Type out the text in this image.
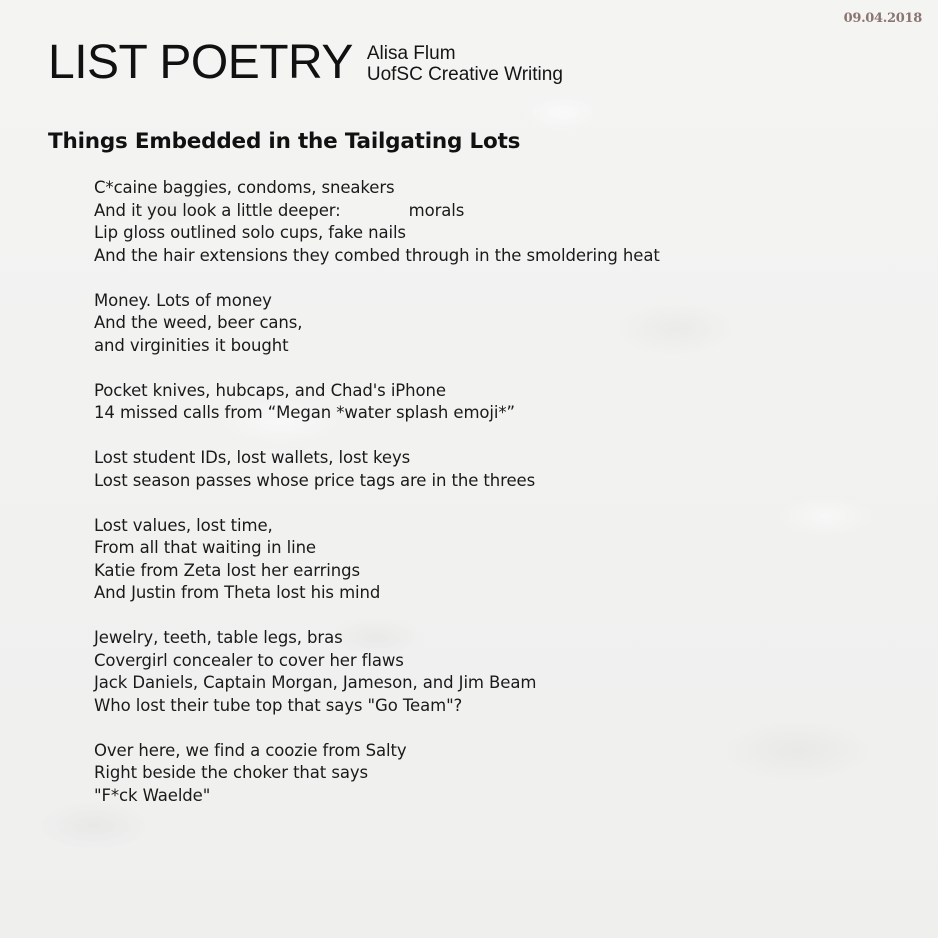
09.04.2018
LIST POETRY Alisa Flum
UofSC Creative Writing
Things Embedded in the Tailgating Lots
C*caine baggies, condoms, sneakers
And it you look a little deeper:	morals
Lip gloss outlined solo cups, fake nails
And the hair extensions they combed through in the smoldering heat
Money. Lots of money
And the weed, beer cans,
and virginities it bought
Pocket knives, hubcaps, and Chad's iPhone
14 missed calls from “Megan *water splash emoji*”
Lost student IDs, lost wallets, lost keys
Lost season passes whose price tags are in the threes
Lost values, lost time,
From all that waiting in line
Katie from Zeta lost her earrings
And Justin from Theta lost his mind
Jewelry, teeth, table legs, bras
Covergirl concealer to cover her flaws
Jack Daniels, Captain Morgan, Jameson, and Jim Beam
Who lost their tube top that says "Go Team"?
Over here, we find a coozie from Salty
Right beside the choker that says
"F*ck Waelde"
